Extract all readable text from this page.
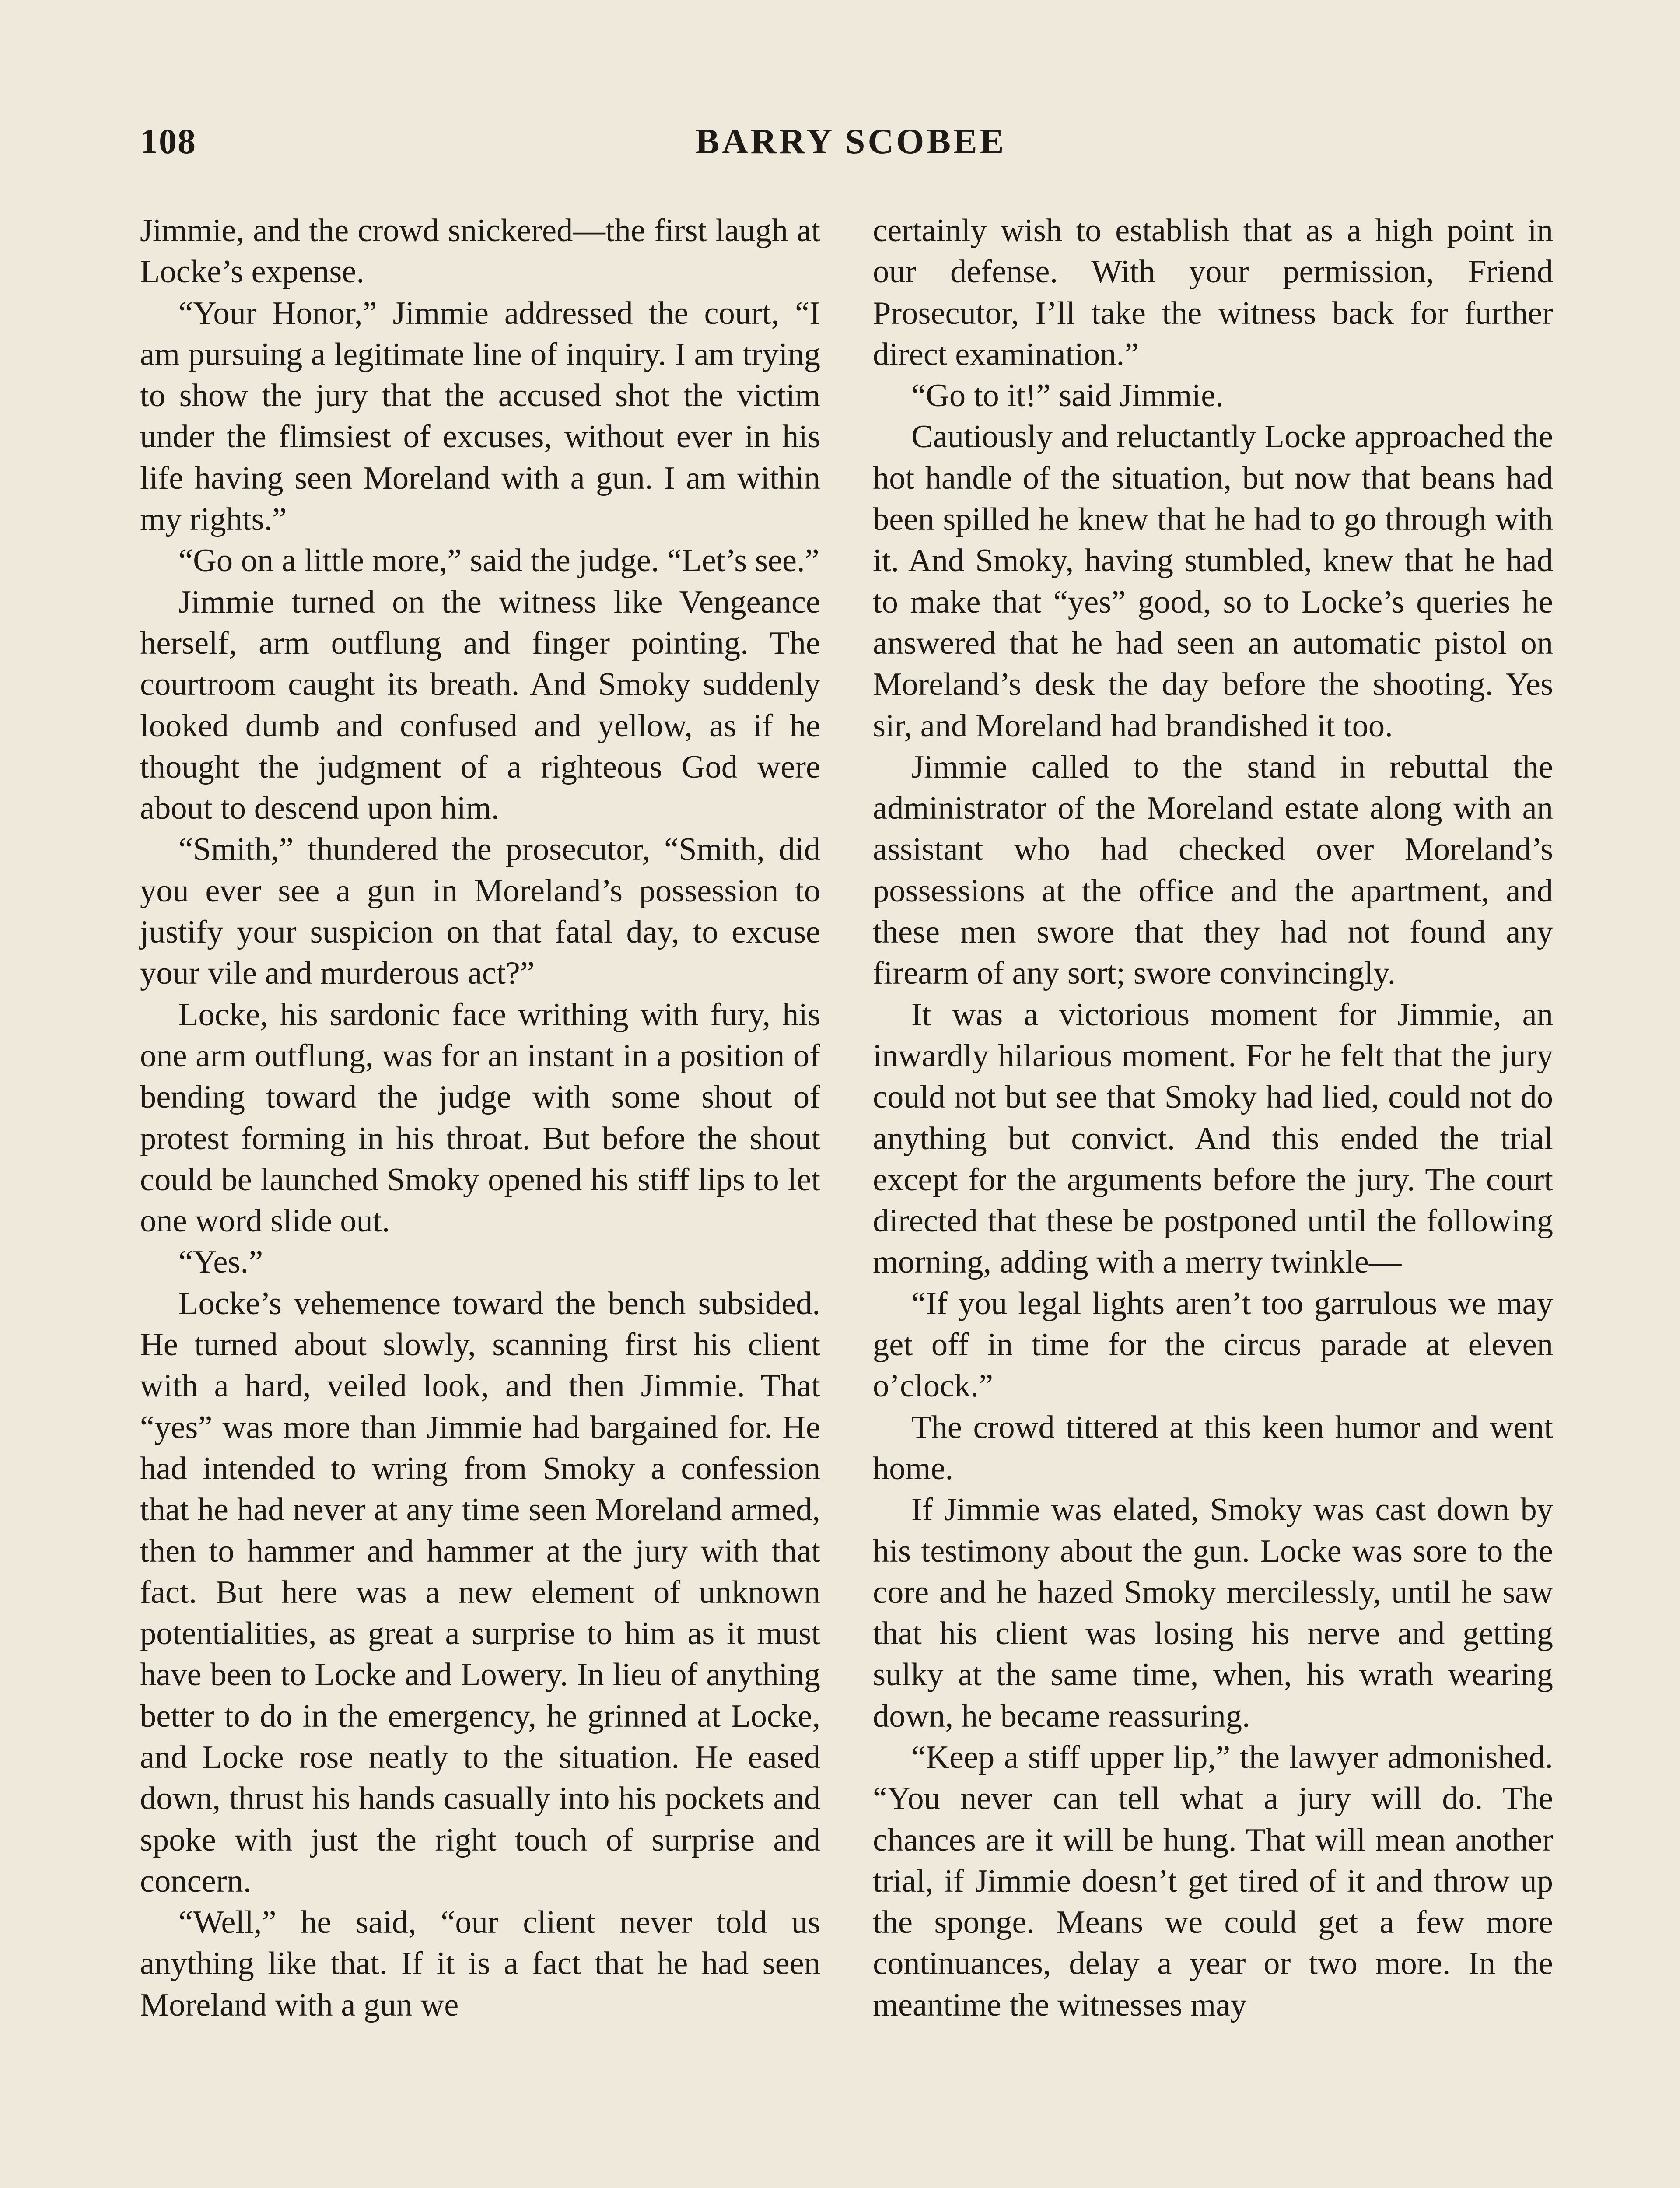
108	BARRY SCOBEE

Jimmie, and the crowd snickered—the first laugh at Locke’s expense.

“Your Honor,” Jimmie addressed the court, “I am pursuing a legitimate line of inquiry. I am trying to show the jury that the accused shot the victim under the flimsiest of excuses, without ever in his life having seen Moreland with a gun. I am within my rights.”

“Go on a little more,” said the judge. “Let’s see.”

Jimmie turned on the witness like Vengeance herself, arm outflung and finger pointing. The courtroom caught its breath. And Smoky suddenly looked dumb and confused and yellow, as if he thought the judgment of a righteous God were about to descend upon him.

“Smith,” thundered the prosecutor, “Smith, did you ever see a gun in Moreland’s possession to justify your suspicion on that fatal day, to excuse your vile and murderous act?”

Locke, his sardonic face writhing with fury, his one arm outflung, was for an instant in a position of bending toward the judge with some shout of protest forming in his throat. But before the shout could be launched Smoky opened his stiff lips to let one word slide out.

“Yes.”

Locke’s vehemence toward the bench subsided. He turned about slowly, scanning first his client with a hard, veiled look, and then Jimmie. That “yes” was more than Jimmie had bargained for. He had intended to wring from Smoky a confession that he had never at any time seen Moreland armed, then to hammer and hammer at the jury with that fact. But here was a new element of unknown potentialities, as great a surprise to him as it must have been to Locke and Lowery. In lieu of anything better to do in the emergency, he grinned at Locke, and Locke rose neatly to the situation. He eased down, thrust his hands casually into his pockets and spoke with just the right touch of surprise and concern.

“Well,” he said, “our client never told us anything like that. If it is a fact that he had seen Moreland with a gun we

certainly wish to establish that as a high point in our defense. With your permission, Friend Prosecutor, I’ll take the witness back for further direct examination.”

“Go to it!” said Jimmie.

Cautiously and reluctantly Locke approached the hot handle of the situation, but now that beans had been spilled he knew that he had to go through with it. And Smoky, having stumbled, knew that he had to make that “yes” good, so to Locke’s queries he answered that he had seen an automatic pistol on Moreland’s desk the day before the shooting. Yes sir, and Moreland had brandished it too.

Jimmie called to the stand in rebuttal the administrator of the Moreland estate along with an assistant who had checked over Moreland’s possessions at the office and the apartment, and these men swore that they had not found any firearm of any sort; swore convincingly.

It was a victorious moment for Jimmie, an inwardly hilarious moment. For he felt that the jury could not but see that Smoky had lied, could not do anything but convict. And this ended the trial except for the arguments before the jury. The court directed that these be postponed until the following morning, adding with a merry twinkle—

“If you legal lights aren’t too garrulous we may get off in time for the circus parade at eleven o’clock.”

The crowd tittered at this keen humor and went home.

If Jimmie was elated, Smoky was cast down by his testimony about the gun. Locke was sore to the core and he hazed Smoky mercilessly, until he saw that his client was losing his nerve and getting sulky at the same time, when, his wrath wearing down, he became reassuring.

“Keep a stiff upper lip,” the lawyer admonished. “You never can tell what a jury will do. The chances are it will be hung. That will mean another trial, if Jimmie doesn’t get tired of it and throw up the sponge. Means we could get a few more continuances, delay a year or two more. In the meantime the witnesses may
